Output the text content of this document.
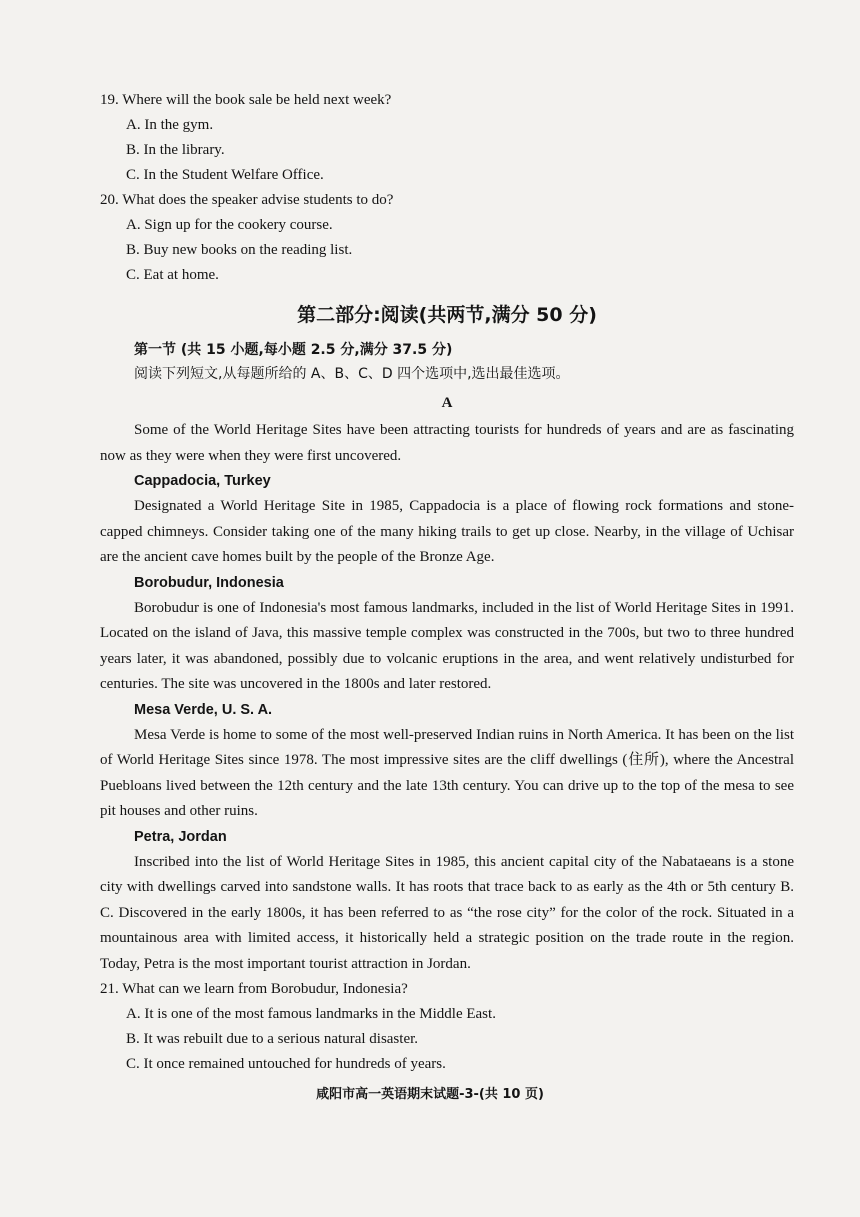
19. Where will the book sale be held next week?

A. In the gym.

B. In the library.

C. In the Student Welfare Office.

20. What does the speaker advise students to do?

A. Sign up for the cookery course.

B. Buy new books on the reading list.

C. Eat at home.

第二部分:阅读(共两节,满分 50 分)
第一节 (共 15 小题,每小题 2.5 分,满分 37.5 分)
阅读下列短文,从每题所给的 A、B、C、D 四个选项中,选出最佳选项。
A

Some of the World Heritage Sites have been attracting tourists for hundreds of years and are as fascinating now as they were when they were first uncovered.

Cappadocia, Turkey

Designated a World Heritage Site in 1985, Cappadocia is a place of flowing rock formations and stone-capped chimneys. Consider taking one of the many hiking trails to get up close. Nearby, in the village of Uchisar are the ancient cave homes built by the people of the Bronze Age.

Borobudur, Indonesia

Borobudur is one of Indonesia's most famous landmarks, included in the list of World Heritage Sites in 1991. Located on the island of Java, this massive temple complex was constructed in the 700s, but two to three hundred years later, it was abandoned, possibly due to volcanic eruptions in the area, and went relatively undisturbed for centuries. The site was uncovered in the 1800s and later restored.

Mesa Verde, U. S. A.

Mesa Verde is home to some of the most well-preserved Indian ruins in North America. It has been on the list of World Heritage Sites since 1978. The most impressive sites are the cliff dwellings (住所), where the Ancestral Puebloans lived between the 12th century and the late 13th century. You can drive up to the top of the mesa to see pit houses and other ruins.

Petra, Jordan

Inscribed into the list of World Heritage Sites in 1985, this ancient capital city of the Nabataeans is a stone city with dwellings carved into sandstone walls. It has roots that trace back to as early as the 4th or 5th century B. C. Discovered in the early 1800s, it has been referred to as “the rose city” for the color of the rock. Situated in a mountainous area with limited access, it historically held a strategic position on the trade route in the region. Today, Petra is the most important tourist attraction in Jordan.

21. What can we learn from Borobudur, Indonesia?

A. It is one of the most famous landmarks in the Middle East.

B. It was rebuilt due to a serious natural disaster.

C. It once remained untouched for hundreds of years.

咸阳市高一英语期末试题-3-(共 10 页)
